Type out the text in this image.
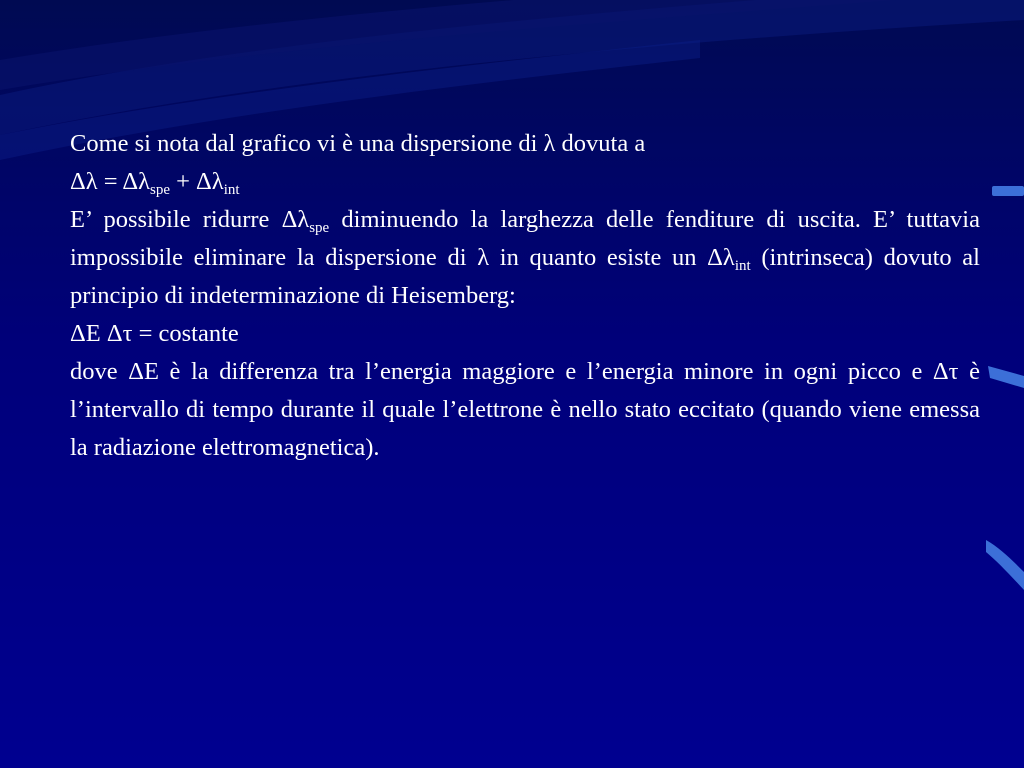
Come si nota dal grafico vi è una dispersione di λ dovuta a
$\Delta\lambda = \Delta\lambda_{spe} + \Delta\lambda_{int}$
E’ possibile ridurre $\Delta\lambda_{spe}$ diminuendo la larghezza delle fenditure di uscita. E’ tuttavia impossibile eliminare la dispersione di λ in quanto esiste un $\Delta\lambda_{int}$ (intrinseca) dovuto al principio di indeterminazione di Heisemberg:
ΔE Δτ = costante
dove ΔE è la differenza tra l’energia maggiore e l’energia minore in ogni picco e Δτ è l’intervallo di tempo durante il quale l’elettrone è nello stato eccitato (quando viene emessa la radiazione elettromagnetica).
